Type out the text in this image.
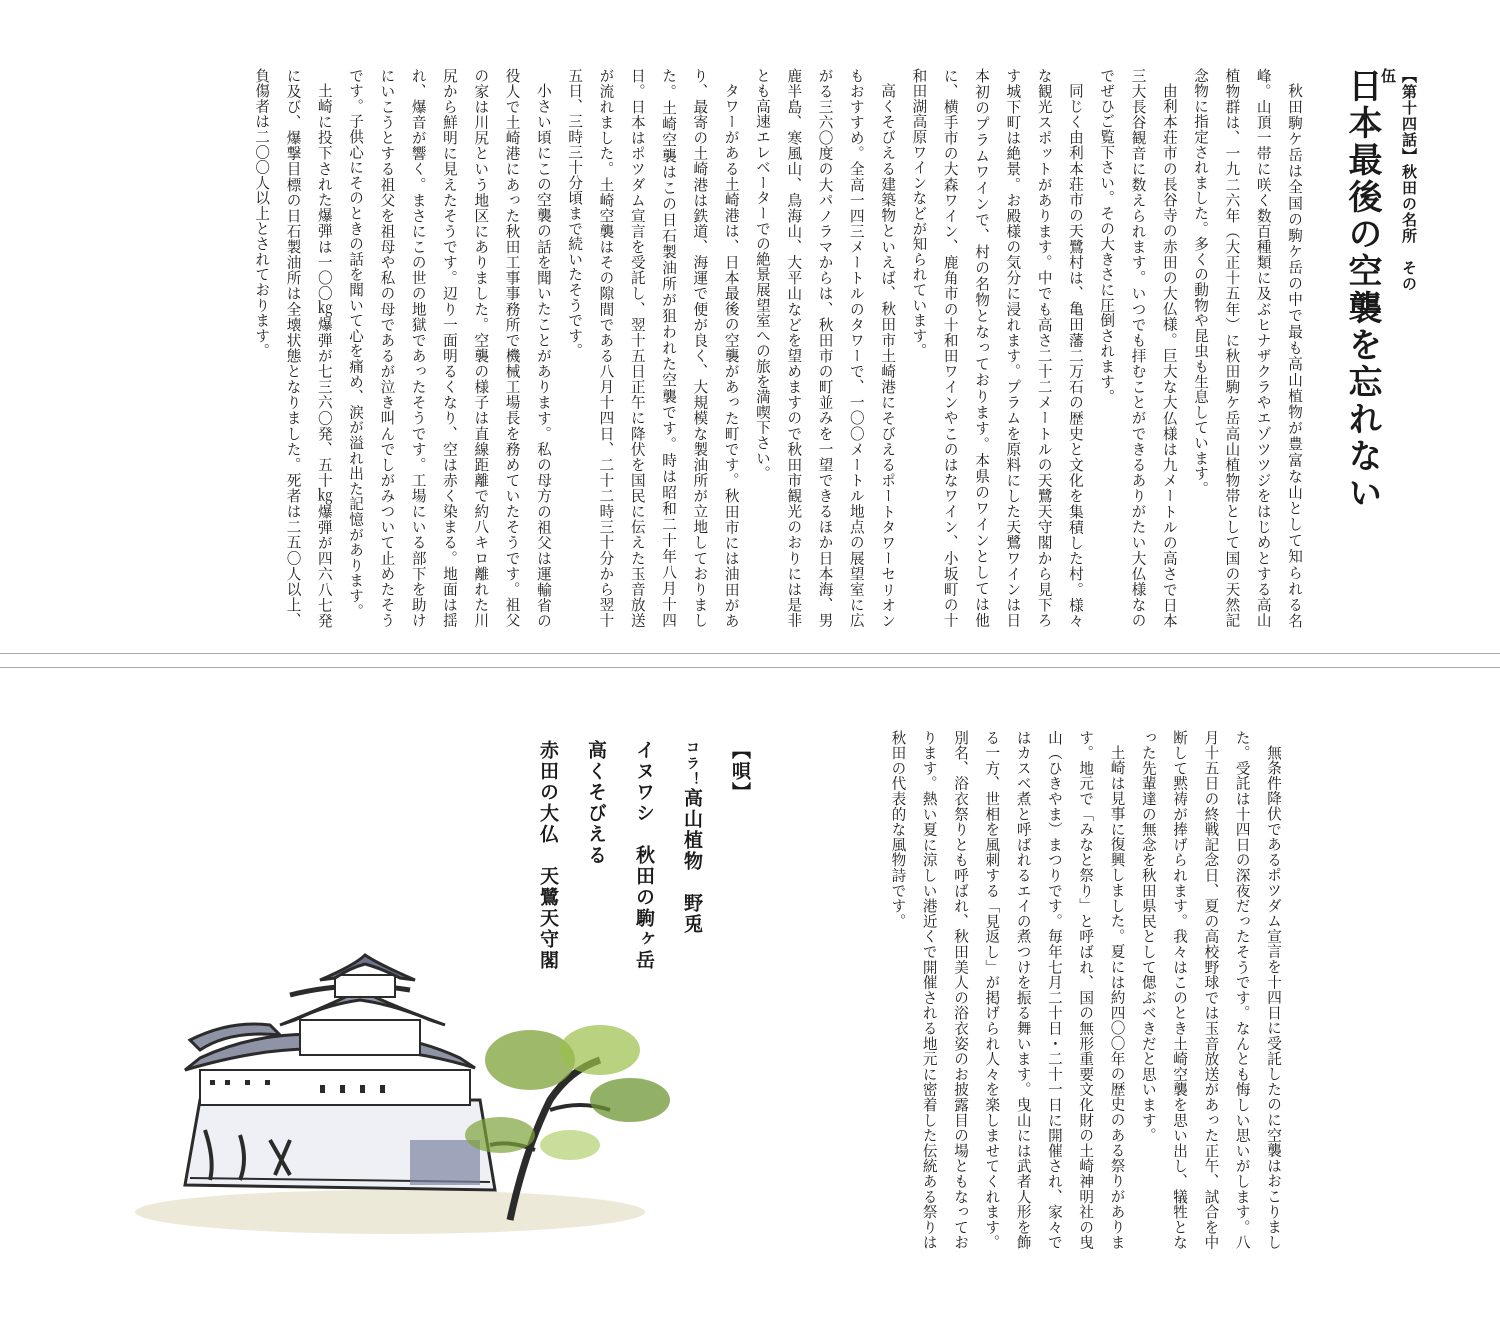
【第十四話】秋田の名所　その伍
日本最後の空襲を忘れない

秋田駒ケ岳は全国の駒ケ岳の中で最も高山植物が豊富な山として知られる名峰。山頂一帯に咲く数百種類に及ぶヒナザクラやエゾツツジをはじめとする高山植物群は、一九二六年（大正十五年）に秋田駒ケ岳高山植物帯として国の天然記念物に指定されました。多くの動物や昆虫も生息しています。

由利本荘市の長谷寺の赤田の大仏様。巨大な大仏様は九メートルの高さで日本三大長谷観音に数えられます。いつでも拝むことができるありがたい大仏様なのでぜひご覧下さい。その大きさに圧倒されます。

同じく由利本荘市の天鷺村は、亀田藩二万石の歴史と文化を集積した村。様々な観光スポットがあります。中でも高さ二十二メートルの天鷺天守閣から見下ろす城下町は絶景。お殿様の気分に浸れます。プラムを原料にした天鷺ワインは日本初のプラムワインで、村の名物となっております。本県のワインとしては他に、横手市の大森ワイン、鹿角市の十和田ワインやこのはなワイン、小坂町の十和田湖高原ワインなどが知られています。

高くそびえる建築物といえば、秋田市土崎港にそびえるポートタワーセリオンもおすすめ。全高一四三メートルのタワーで、一〇〇メートル地点の展望室に広がる三六〇度の大パノラマからは、秋田市の町並みを一望できるほか日本海、男鹿半島、寒風山、鳥海山、大平山などを望めますので秋田市観光のおりには是非とも高速エレベーターでの絶景展望室への旅を満喫下さい。

タワーがある土崎港は、日本最後の空襲があった町です。秋田市には油田があり、最寄の土崎港は鉄道、海運で便が良く、大規模な製油所が立地しておりました。土崎空襲はこの日石製油所が狙われた空襲です。時は昭和二十年八月十四日。日本はポツダム宣言を受託し、翌十五日正午に降伏を国民に伝えた玉音放送が流れました。土崎空襲はその隙間である八月十四日、二十二時三十分から翌十五日、三時三十分頃まで続いたそうです。

小さい頃にこの空襲の話を聞いたことがあります。私の母方の祖父は運輸省の役人で土崎港にあった秋田工事事務所で機械工場長を務めていたそうです。祖父の家は川尻という地区にありました。空襲の様子は直線距離で約八キロ離れた川尻から鮮明に見えたそうです。辺り一面明るくなり、空は赤く染まる。地面は揺れ、爆音が響く。まさにこの世の地獄であったそうです。工場にいる部下を助けにいこうとする祖父を祖母や私の母であるが泣き叫んでしがみついて止めたそうです。子供心にそのときの話を聞いて心を痛め、涙が溢れ出た記憶があります。

土崎に投下された爆弾は一〇〇㎏爆弾が七三六〇発、五十㎏爆弾が四六八七発に及び、爆撃目標の日石製油所は全壊状態となりました。死者は二五〇人以上、負傷者は二〇〇人以上とされております。

無条件降伏であるポツダム宣言を十四日に受託したのに空襲はおこりました。受託は十四日の深夜だったそうです。なんとも悔しい思いがします。八月十五日の終戦記念日、夏の高校野球では玉音放送があった正午、試合を中断して黙祷が捧げられます。我々はこのとき土崎空襲を思い出し、犠牲となった先輩達の無念を秋田県民として偲ぶべきだと思います。

土崎は見事に復興しました。夏には約四〇〇年の歴史のある祭りがあります。地元で「みなと祭り」と呼ばれ、国の無形重要文化財の土崎神明社の曳山（ひきやま）まつりです。毎年七月二十日・二十一日に開催され、家々ではカスベ煮と呼ばれるエイの煮つけを振る舞います。曳山には武者人形を飾る一方、世相を風刺する「見返し」が掲げられ人々を楽しませてくれます。別名、浴衣祭りとも呼ばれ、秋田美人の浴衣姿のお披露目の場ともなっております。熱い夏に涼しい港近くで開催される地元に密着した伝統ある祭りは秋田の代表的な風物詩です。

【唄】
コラ！高山植物　野兎
イヌワシ　秋田の駒ヶ岳
高くそびえる
赤田の大仏　天鷺天守閣
